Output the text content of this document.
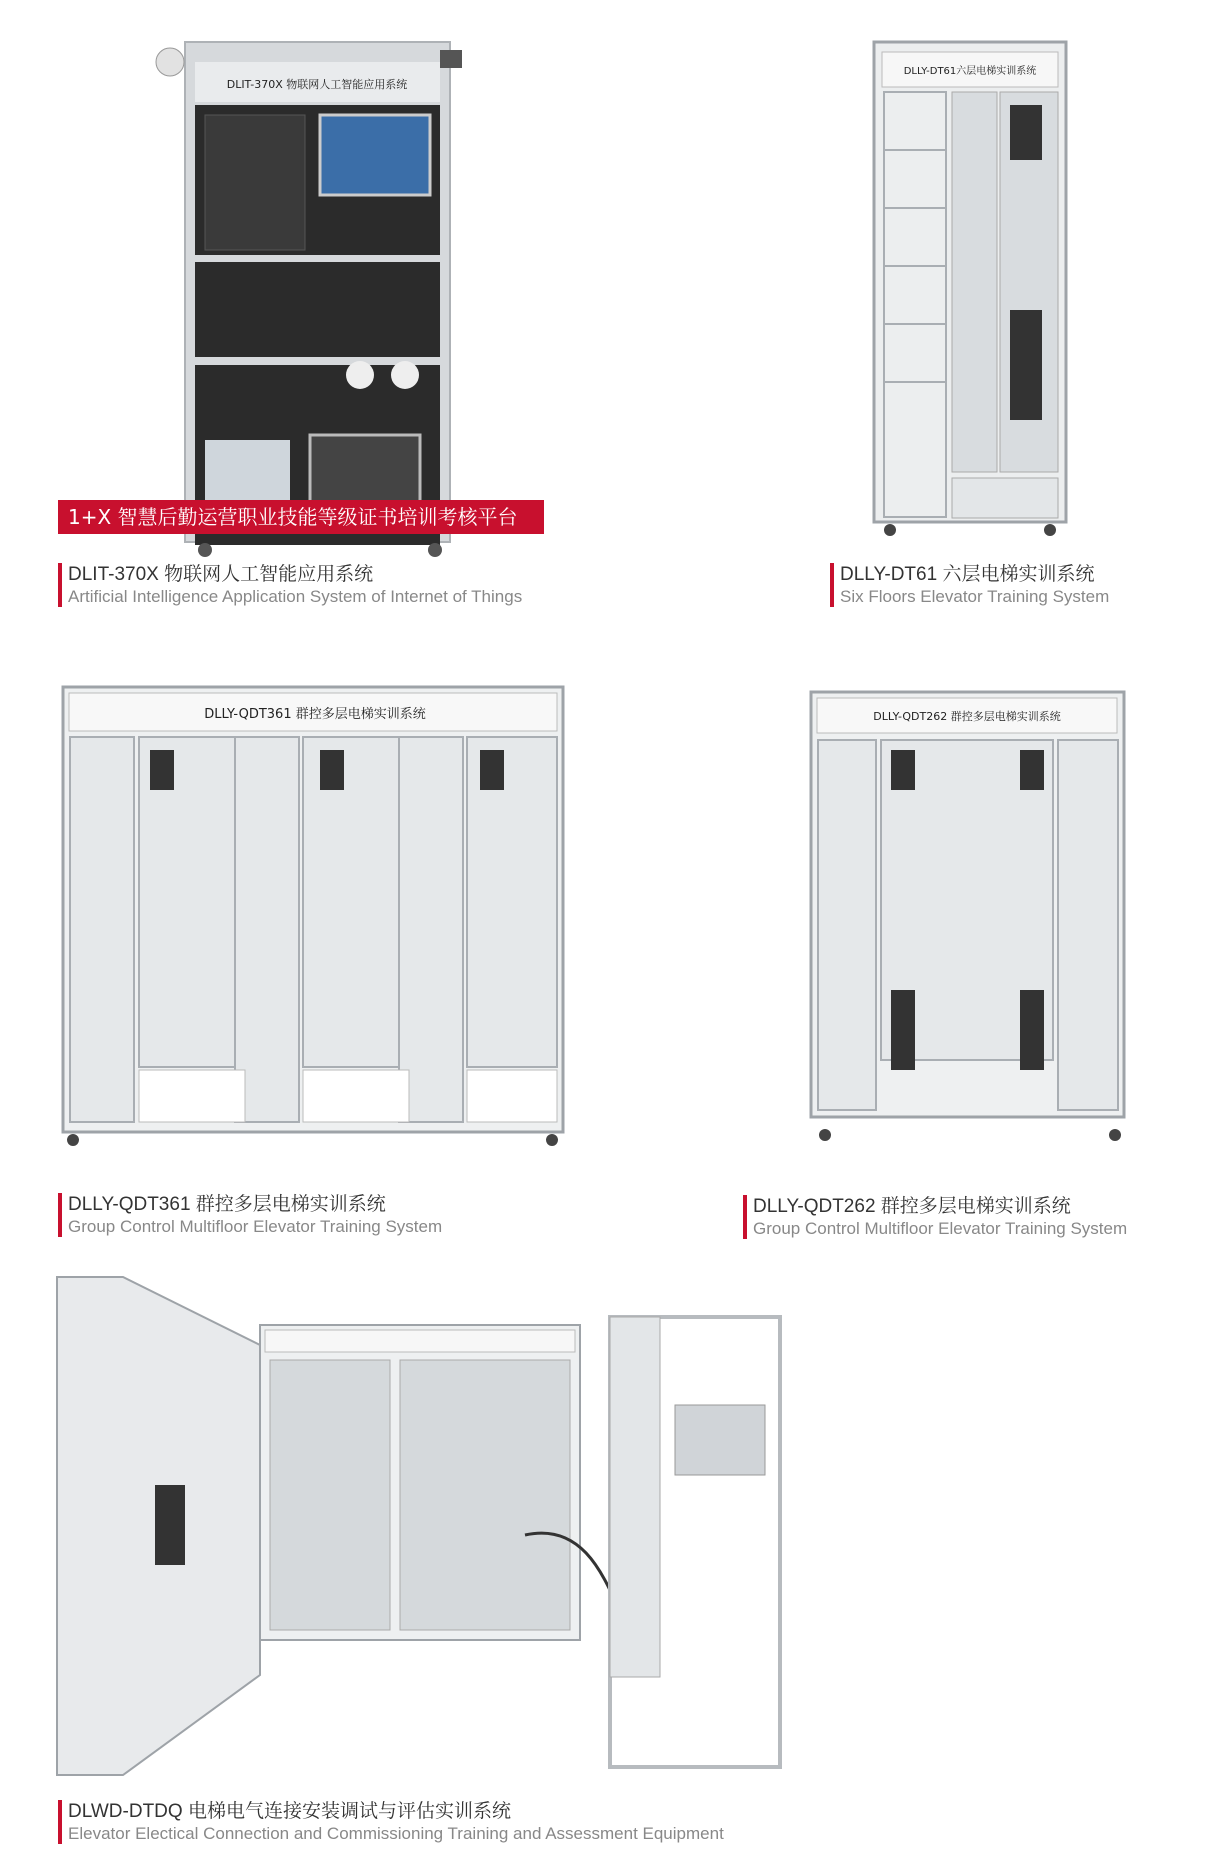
DLIT-370X 物联网人工智能应用系统
1+X 智慧后勤运营职业技能等级证书培训考核平台
DLIT-370X 物联网人工智能应用系统
Artificial Intelligence Application System of Internet of Things
DLLY-DT61六层电梯实训系统
DLLY-DT61 六层电梯实训系统
Six Floors Elevator Training System
DLLY-QDT361 群控多层电梯实训系统
DLLY-QDT361 群控多层电梯实训系统
Group Control Multifloor Elevator Training System
DLLY-QDT262 群控多层电梯实训系统
DLLY-QDT262 群控多层电梯实训系统
Group Control Multifloor Elevator Training System
DLWD-DTDQ 电梯电气连接安装调试与评估实训系统
Elevator Electical Connection and Commissioning Training and Assessment Equipment
